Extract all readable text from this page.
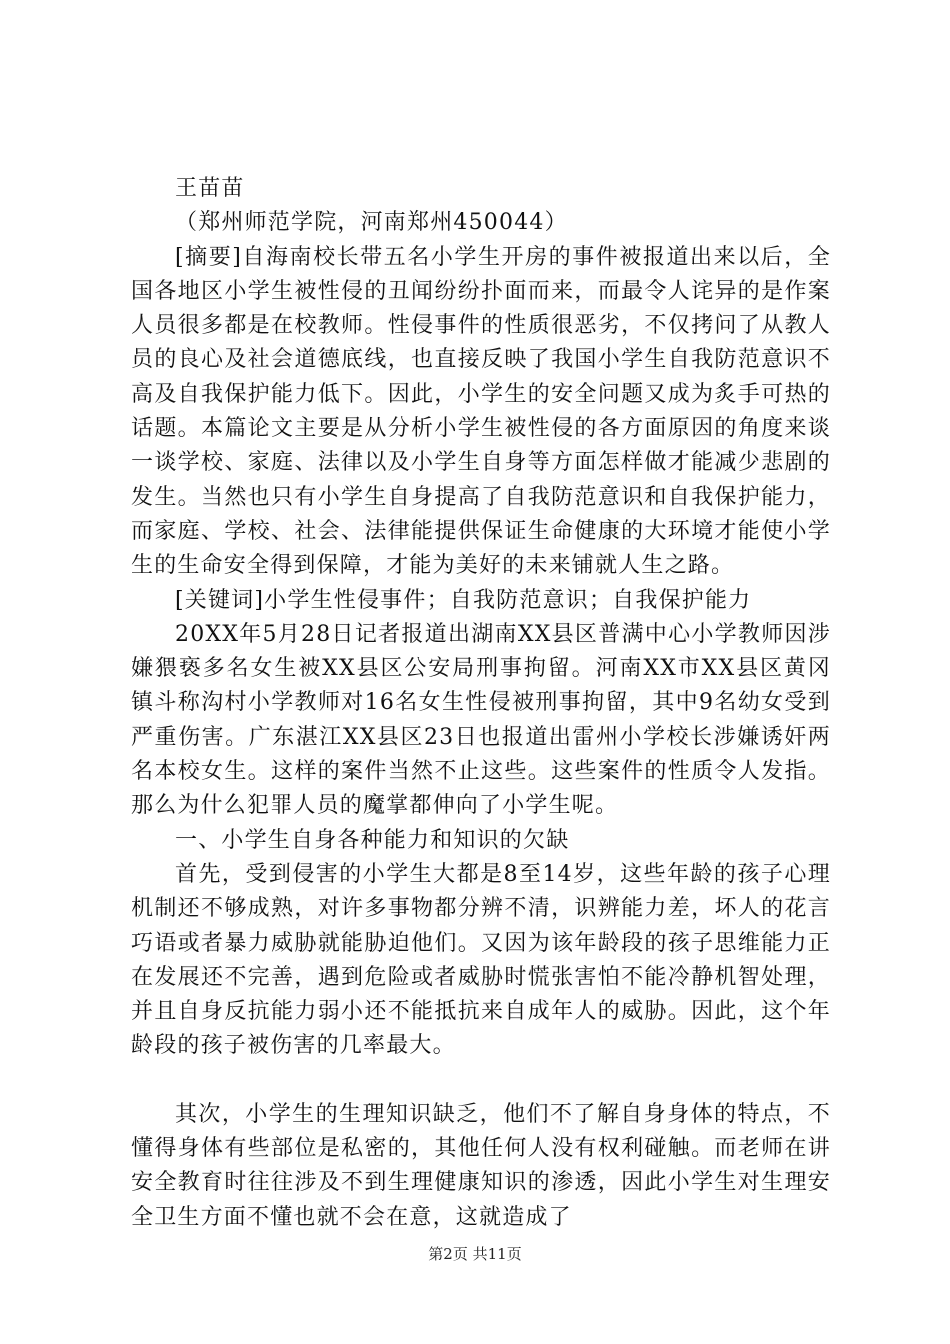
王苗苗

（郑州师范学院，河南郑州450044）

[摘要]自海南校长带五名小学生开房的事件被报道出来以后，全国各地区小学生被性侵的丑闻纷纷扑面而来，而最令人诧异的是作案人员很多都是在校教师。性侵事件的性质很恶劣，不仅拷问了从教人员的良心及社会道德底线，也直接反映了我国小学生自我防范意识不高及自我保护能力低下。因此，小学生的安全问题又成为炙手可热的话题。本篇论文主要是从分析小学生被性侵的各方面原因的角度来谈一谈学校、家庭、法律以及小学生自身等方面怎样做才能减少悲剧的发生。当然也只有小学生自身提高了自我防范意识和自我保护能力，而家庭、学校、社会、法律能提供保证生命健康的大环境才能使小学生的生命安全得到保障，才能为美好的未来铺就人生之路。

[关键词]小学生性侵事件；自我防范意识；自我保护能力

20XX年5月28日记者报道出湖南XX县区普满中心小学教师因涉嫌猥亵多名女生被XX县区公安局刑事拘留。河南XX市XX县区黄冈镇斗称沟村小学教师对16名女生性侵被刑事拘留，其中9名幼女受到严重伤害。广东湛江XX县区23日也报道出雷州小学校长涉嫌诱奸两名本校女生。这样的案件当然不止这些。这些案件的性质令人发指。那么为什么犯罪人员的魔掌都伸向了小学生呢。

一、小学生自身各种能力和知识的欠缺

首先，受到侵害的小学生大都是8至14岁，这些年龄的孩子心理机制还不够成熟，对许多事物都分辨不清，识辨能力差，坏人的花言巧语或者暴力威胁就能胁迫他们。又因为该年龄段的孩子思维能力正在发展还不完善，遇到危险或者威胁时慌张害怕不能冷静机智处理，并且自身反抗能力弱小还不能抵抗来自成年人的威胁。因此，这个年龄段的孩子被伤害的几率最大。

其次，小学生的生理知识缺乏，他们不了解自身身体的特点，不懂得身体有些部位是私密的，其他任何人没有权利碰触。而老师在讲安全教育时往往涉及不到生理健康知识的渗透，因此小学生对生理安全卫生方面不懂也就不会在意，这就造成了

第2页 共11页
